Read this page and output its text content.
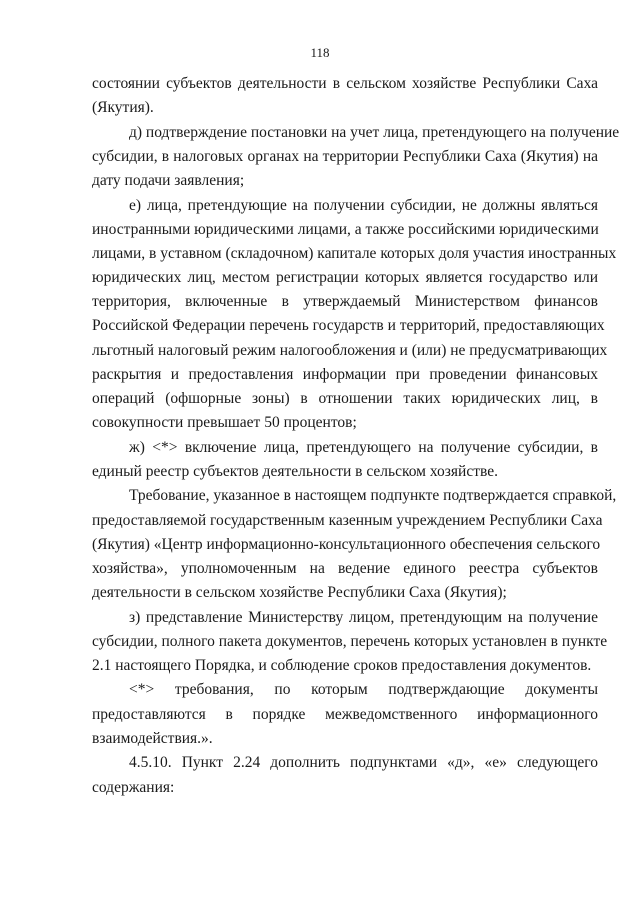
118
состоянии субъектов деятельности в сельском хозяйстве Республики Саха
(Якутия).
д) подтверждение постановки на учет лица, претендующего на получение
субсидии, в налоговых органах на территории Республики Саха (Якутия) на
дату подачи заявления;
е) лица, претендующие на получении субсидии, не должны являться
иностранными юридическими лицами, а также российскими юридическими
лицами, в уставном (складочном) капитале которых доля участия иностранных
юридических лиц, местом регистрации которых является государство или
территория, включенные в утверждаемый Министерством финансов
Российской Федерации перечень государств и территорий, предоставляющих
льготный налоговый режим налогообложения и (или) не предусматривающих
раскрытия и предоставления информации при проведении финансовых
операций (офшорные зоны) в отношении таких юридических лиц, в
совокупности превышает 50 процентов;
ж) <*> включение лица, претендующего на получение субсидии, в
единый реестр субъектов деятельности в сельском хозяйстве.
Требование, указанное в настоящем подпункте подтверждается справкой,
предоставляемой государственным казенным учреждением Республики Саха
(Якутия) «Центр информационно-консультационного обеспечения сельского
хозяйства», уполномоченным на ведение единого реестра субъектов
деятельности в сельском хозяйстве Республики Саха (Якутия);
з) представление Министерству лицом, претендующим на получение
субсидии, полного пакета документов, перечень которых установлен в пункте
2.1 настоящего Порядка, и соблюдение сроков предоставления документов.
<*> требования, по которым подтверждающие документы
предоставляются в порядке межведомственного информационного
взаимодействия.».
4.5.10. Пункт 2.24 дополнить подпунктами «д», «е» следующего
содержания:
